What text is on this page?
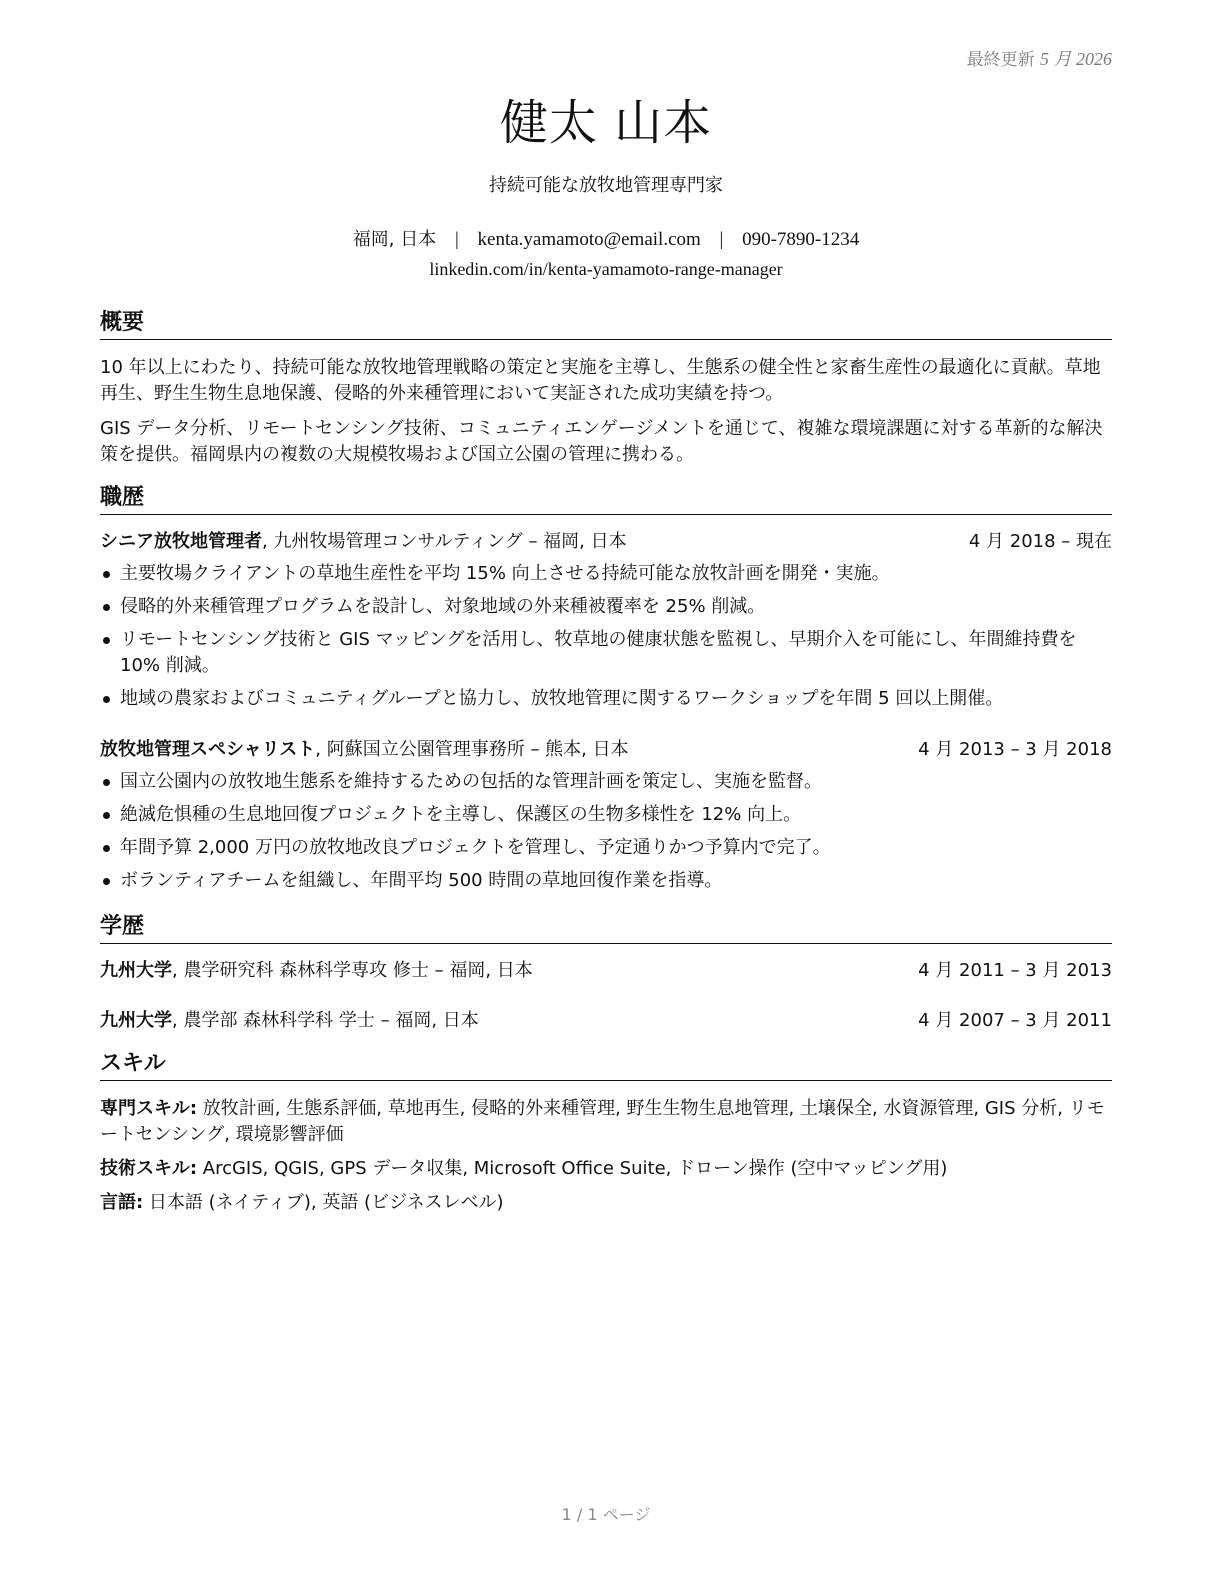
最終更新 5 月 2026
健太 山本
持続可能な放牧地管理専門家
福岡, 日本 | kenta.yamamoto@email.com | 090-7890-1234
linkedin.com/in/kenta-yamamoto-range-manager
概要
10 年以上にわたり、持続可能な放牧地管理戦略の策定と実施を主導し、生態系の健全性と家畜生産性の最適化に貢献。草地再生、野生生物生息地保護、侵略的外来種管理において実証された成功実績を持つ。
GIS データ分析、リモートセンシング技術、コミュニティエンゲージメントを通じて、複雑な環境課題に対する革新的な解決策を提供。福岡県内の複数の大規模牧場および国立公園の管理に携わる。
職歴
シニア放牧地管理者, 九州牧場管理コンサルティング – 福岡, 日本	4 月 2018 – 現在
主要牧場クライアントの草地生産性を平均 15% 向上させる持続可能な放牧計画を開発・実施。
侵略的外来種管理プログラムを設計し、対象地域の外来種被覆率を 25% 削減。
リモートセンシング技術と GIS マッピングを活用し、牧草地の健康状態を監視し、早期介入を可能にし、年間維持費を 10% 削減。
地域の農家およびコミュニティグループと協力し、放牧地管理に関するワークショップを年間 5 回以上開催。
放牧地管理スペシャリスト, 阿蘇国立公園管理事務所 – 熊本, 日本	4 月 2013 – 3 月 2018
国立公園内の放牧地生態系を維持するための包括的な管理計画を策定し、実施を監督。
絶滅危惧種の生息地回復プロジェクトを主導し、保護区の生物多様性を 12% 向上。
年間予算 2,000 万円の放牧地改良プロジェクトを管理し、予定通りかつ予算内で完了。
ボランティアチームを組織し、年間平均 500 時間の草地回復作業を指導。
学歴
九州大学, 農学研究科 森林科学専攻 修士 – 福岡, 日本	4 月 2011 – 3 月 2013
九州大学, 農学部 森林科学科 学士 – 福岡, 日本	4 月 2007 – 3 月 2011
スキル
専門スキル: 放牧計画, 生態系評価, 草地再生, 侵略的外来種管理, 野生生物生息地管理, 土壌保全, 水資源管理, GIS 分析, リモートセンシング, 環境影響評価
技術スキル: ArcGIS, QGIS, GPS データ収集, Microsoft Office Suite, ドローン操作 (空中マッピング用)
言語: 日本語 (ネイティブ), 英語 (ビジネスレベル)
1 / 1 ページ
